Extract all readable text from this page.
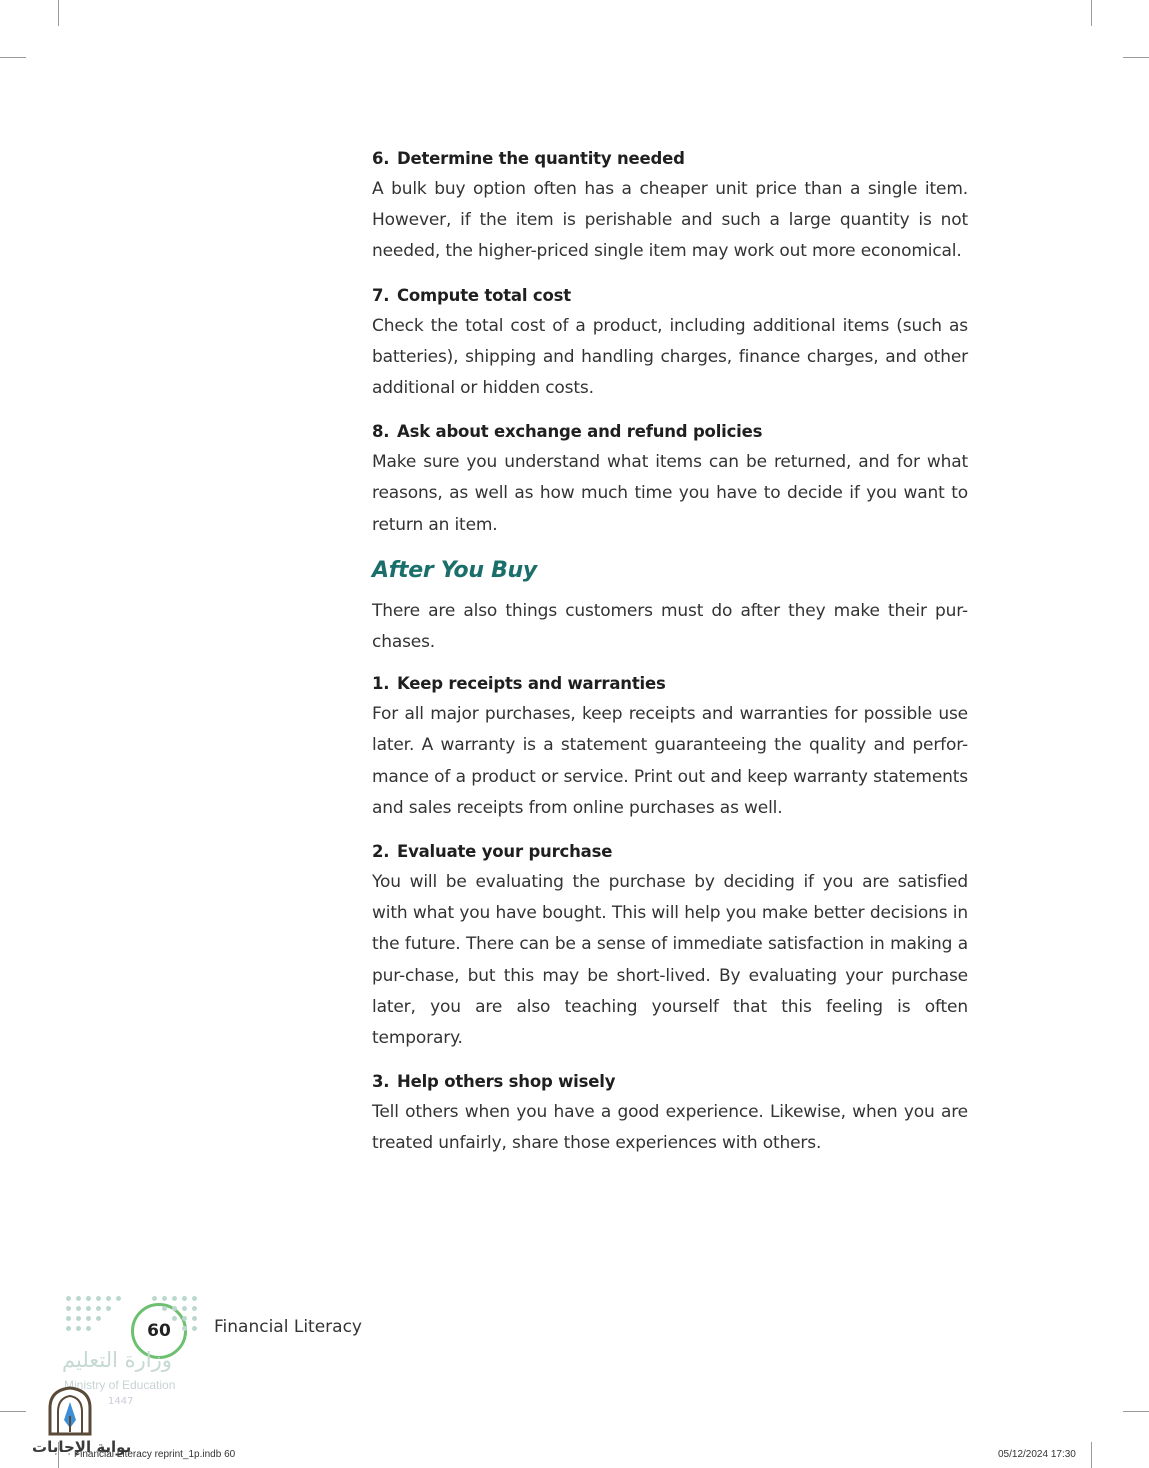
6. Determine the quantity needed

A bulk buy option often has a cheaper unit price than a single item. However, if the item is perishable and such a large quantity is not needed, the higher-priced single item may work out more economical.

7. Compute total cost

Check the total cost of a product, including additional items (such as batteries), shipping and handling charges, finance charges, and other additional or hidden costs.

8. Ask about exchange and refund policies

Make sure you understand what items can be returned, and for what reasons, as well as how much time you have to decide if you want to return an item.

After You Buy

There are also things customers must do after they make their pur-chases.

1. Keep receipts and warranties

For all major purchases, keep receipts and warranties for possible use later. A warranty is a statement guaranteeing the quality and perfor-mance of a product or service. Print out and keep warranty statements and sales receipts from online purchases as well.

2. Evaluate your purchase

You will be evaluating the purchase by deciding if you are satisfied with what you have bought. This will help you make better decisions in the future. There can be a sense of immediate satisfaction in making a pur-chase, but this may be short-lived. By evaluating your purchase later, you are also teaching yourself that this feeling is often temporary.

3. Help others shop wisely

Tell others when you have a good experience. Likewise, when you are treated unfairly, share those experiences with others.

60	Financial Literacy
وزارة التعليم
Ministry of Education
1447
بوابة الإجابات
Financial Literacy reprint_1p.indb 60	05/12/2024 17:30
